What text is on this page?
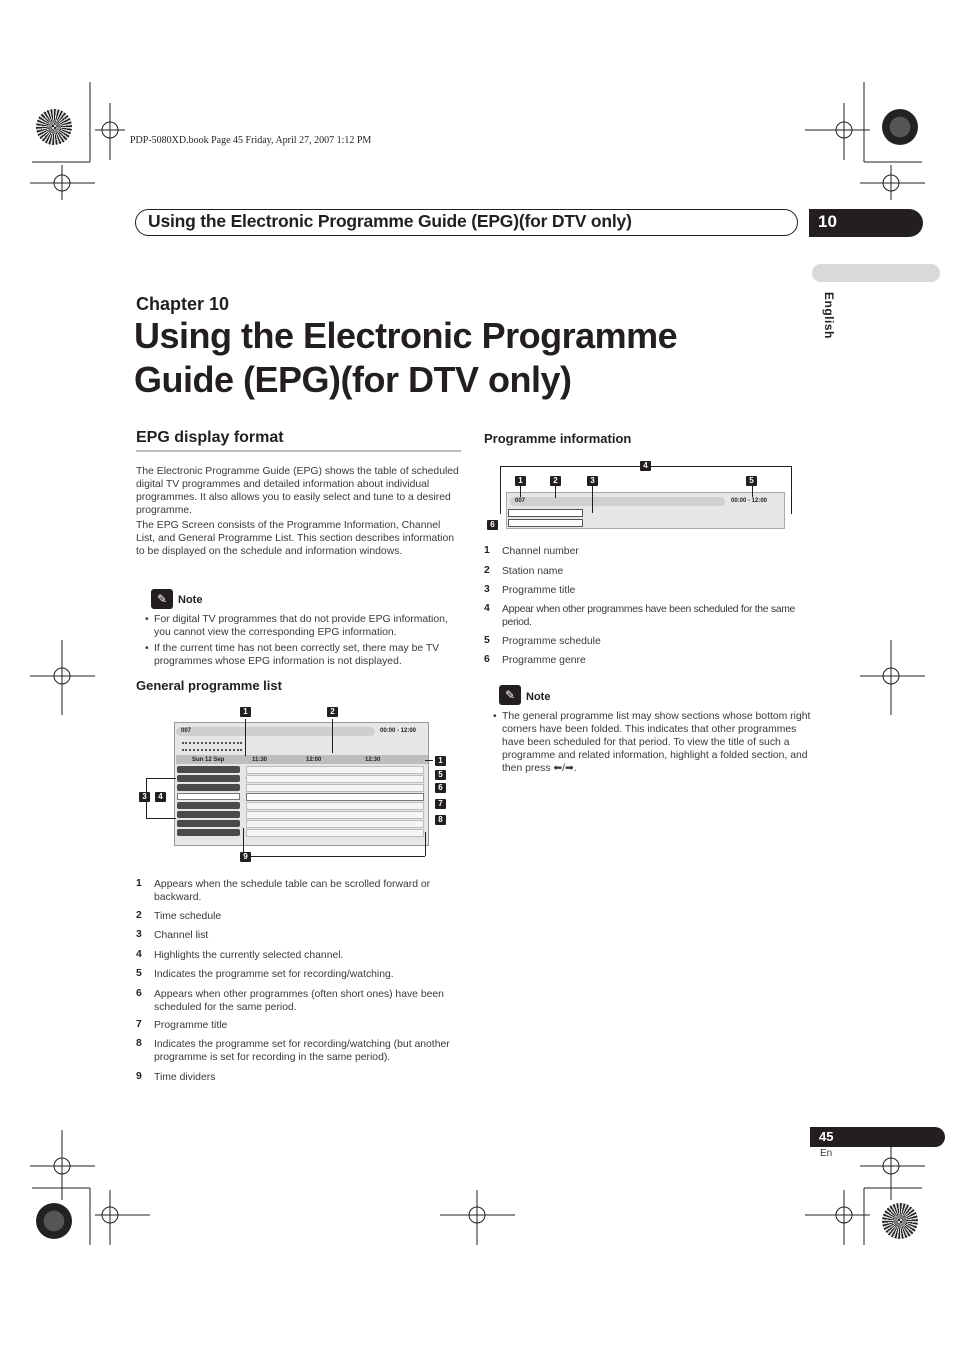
PDP-5080XD.book Page 45 Friday, April 27, 2007 1:12 PM
Using the Electronic Programme Guide (EPG)(for DTV only)	10
English
Chapter 10
Using the Electronic Programme
Guide (EPG)(for DTV only)
EPG display format
The Electronic Programme Guide (EPG) shows the table of scheduled digital TV programmes and detailed information about individual programmes. It also allows you to easily select and tune to a desired programme.
The EPG Screen consists of the Programme Information, Channel List, and General Programme List. This section describes information to be displayed on the schedule and information windows.
✎ Note
• For digital TV programmes that do not provide EPG information, you cannot view the corresponding EPG information.
• If the current time has not been correctly set, there may be TV programmes whose EPG information is not displayed.
General programme list
007	00:00 - 12:00
Sun 12 Sep	11:30	12:00	12:30
1	2
3	4
1
5
6
7
8
9
1 Appears when the schedule table can be scrolled forward or backward.
2 Time schedule
3 Channel list
4 Highlights the currently selected channel.
5 Indicates the programme set for recording/watching.
6 Appears when other programmes (often short ones) have been scheduled for the same period.
7 Programme title
8 Indicates the programme set for recording/watching (but another programme is set for recording in the same period).
9 Time dividers
Programme information
007	00:00 - 12:00
1	2	3
4
5
6
1 Channel number
2 Station name
3 Programme title
4 Appear when other programmes have been scheduled for the same period.
5 Programme schedule
6 Programme genre
✎ Note
• The general programme list may show sections whose bottom right corners have been folded. This indicates that other programmes have been scheduled for that period. To view the title of such a programme and related information, highlight a folded section, and then press ⬅/➡.
45
En
